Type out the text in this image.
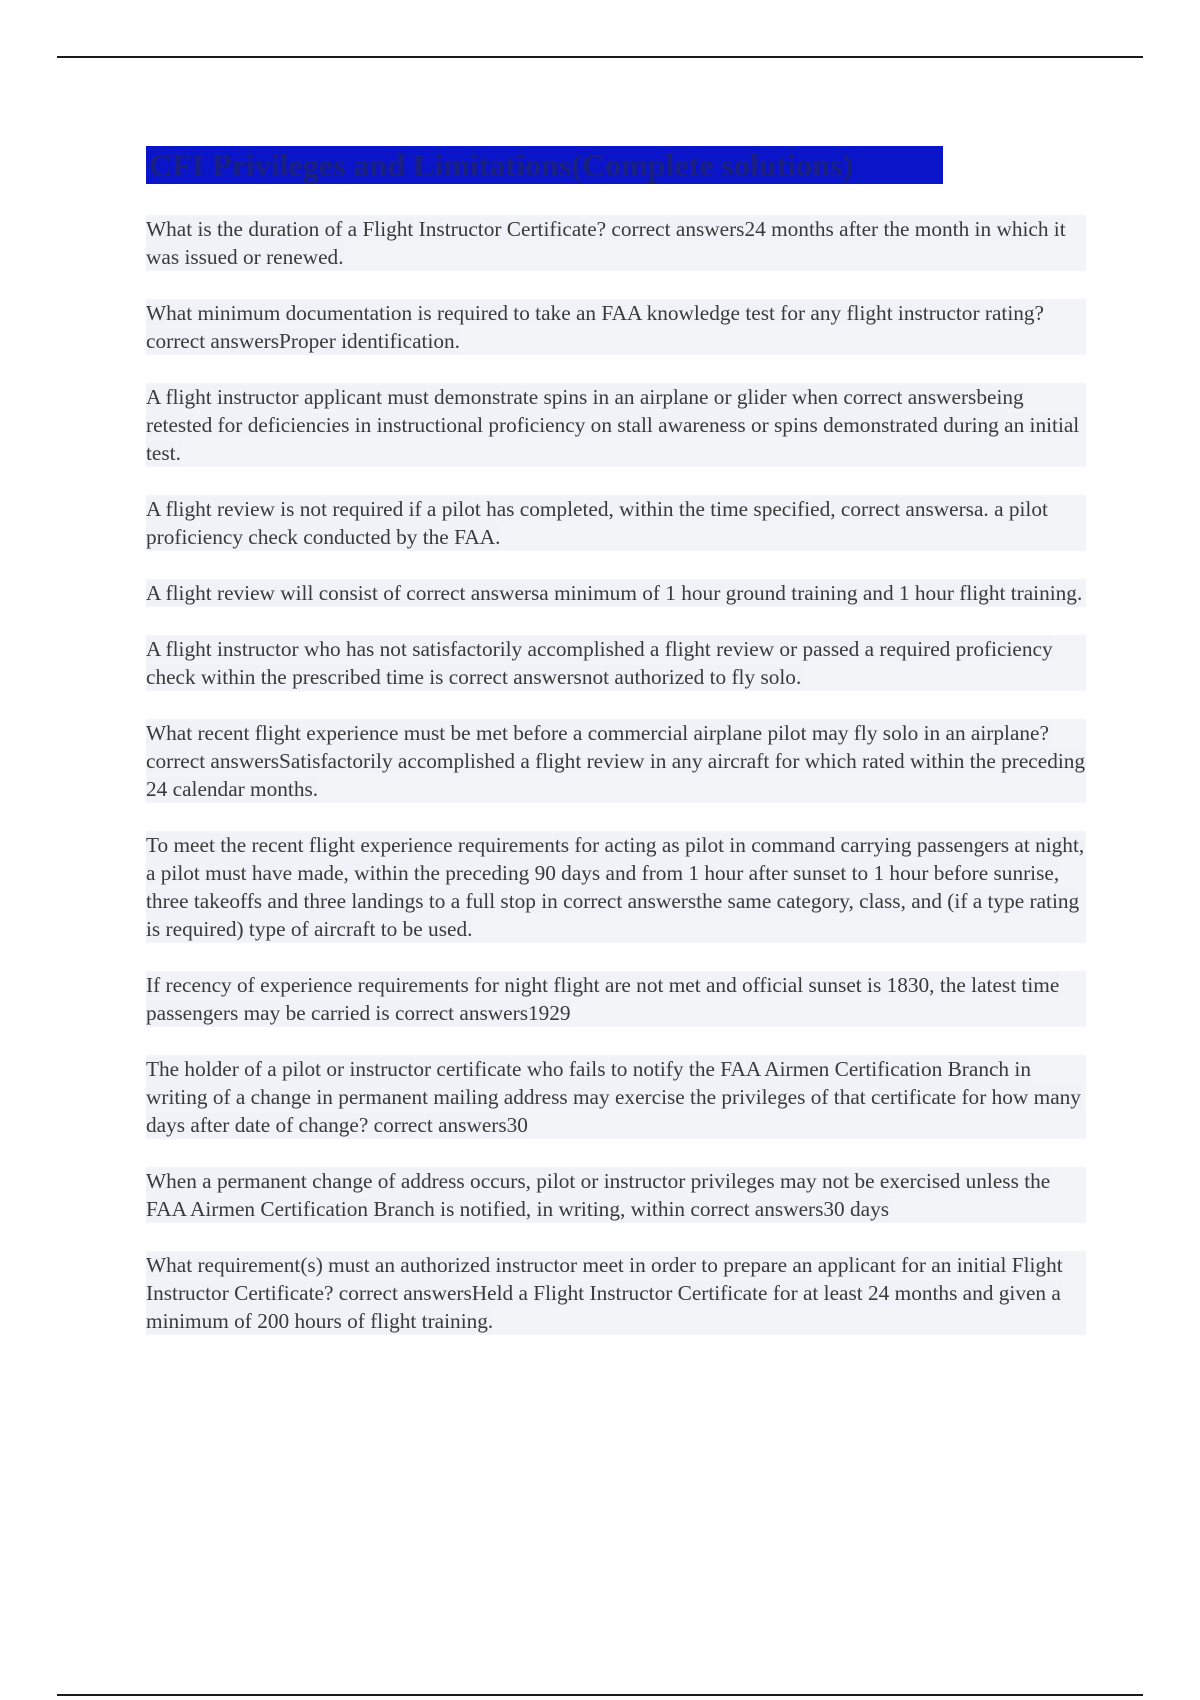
CFI Privileges and Limitations(Complete solutions)

What is the duration of a Flight Instructor Certificate? correct answers24 months after the month in which it was issued or renewed.

What minimum documentation is required to take an FAA knowledge test for any flight instructor rating? correct answersProper identification.

A flight instructor applicant must demonstrate spins in an airplane or glider when correct answersbeing retested for deficiencies in instructional proficiency on stall awareness or spins demonstrated during an initial test.

A flight review is not required if a pilot has completed, within the time specified, correct answersa. a pilot proficiency check conducted by the FAA.

A flight review will consist of correct answersa minimum of 1 hour ground training and 1 hour flight training.

A flight instructor who has not satisfactorily accomplished a flight review or passed a required proficiency check within the prescribed time is correct answersnot authorized to fly solo.

What recent flight experience must be met before a commercial airplane pilot may fly solo in an airplane? correct answersSatisfactorily accomplished a flight review in any aircraft for which rated within the preceding 24 calendar months.

To meet the recent flight experience requirements for acting as pilot in command carrying passengers at night, a pilot must have made, within the preceding 90 days and from 1 hour after sunset to 1 hour before sunrise, three takeoffs and three landings to a full stop in correct answersthe same category, class, and (if a type rating is required) type of aircraft to be used.

If recency of experience requirements for night flight are not met and official sunset is 1830, the latest time passengers may be carried is correct answers1929

The holder of a pilot or instructor certificate who fails to notify the FAA Airmen Certification Branch in writing of a change in permanent mailing address may exercise the privileges of that certificate for how many days after date of change? correct answers30

When a permanent change of address occurs, pilot or instructor privileges may not be exercised unless the FAA Airmen Certification Branch is notified, in writing, within correct answers30 days

What requirement(s) must an authorized instructor meet in order to prepare an applicant for an initial Flight Instructor Certificate? correct answersHeld a Flight Instructor Certificate for at least 24 months and given a minimum of 200 hours of flight training.
